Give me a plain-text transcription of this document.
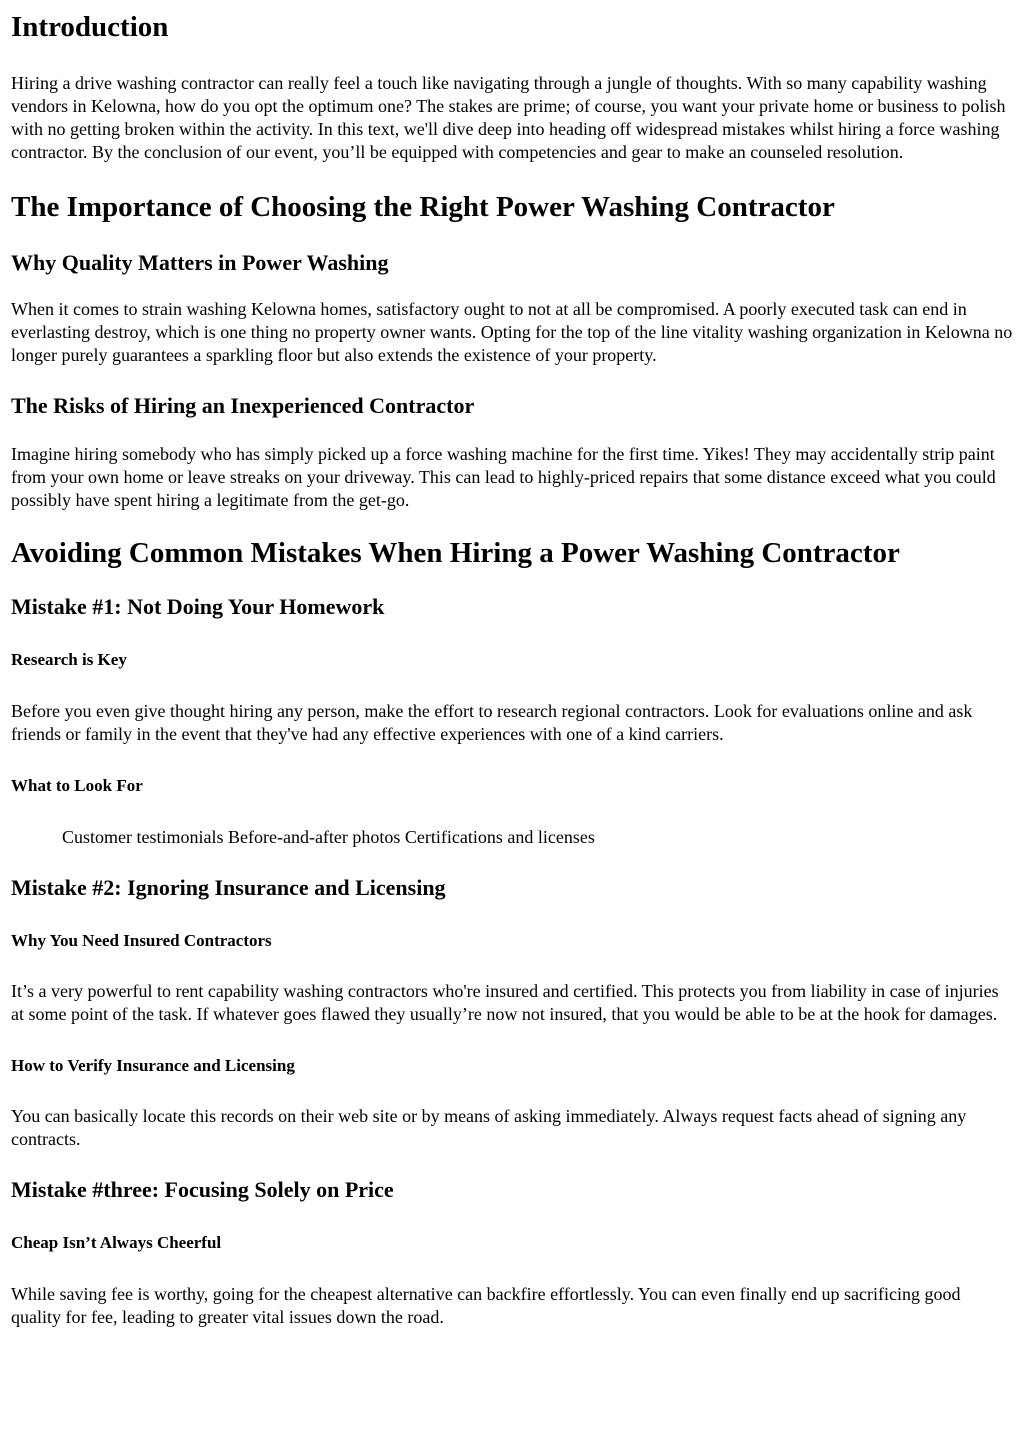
Introduction

Hiring a drive washing contractor can really feel a touch like navigating through a jungle of thoughts. With so many capability washing vendors in Kelowna, how do you opt the optimum one? The stakes are prime; of course, you want your private home or business to polish with no getting broken within the activity. In this text, we'll dive deep into heading off widespread mistakes whilst hiring a force washing contractor. By the conclusion of our event, you’ll be equipped with competencies and gear to make an counseled resolution.

The Importance of Choosing the Right Power Washing Contractor
Why Quality Matters in Power Washing

When it comes to strain washing Kelowna homes, satisfactory ought to not at all be compromised. A poorly executed task can end in everlasting destroy, which is one thing no property owner wants. Opting for the top of the line vitality washing organization in Kelowna no longer purely guarantees a sparkling floor but also extends the existence of your property.

The Risks of Hiring an Inexperienced Contractor

Imagine hiring somebody who has simply picked up a force washing machine for the first time. Yikes! They may accidentally strip paint from your own home or leave streaks on your driveway. This can lead to highly-priced repairs that some distance exceed what you could possibly have spent hiring a legitimate from the get-go.

Avoiding Common Mistakes When Hiring a Power Washing Contractor
Mistake #1: Not Doing Your Homework
Research is Key

Before you even give thought hiring any person, make the effort to research regional contractors. Look for evaluations online and ask friends or family in the event that they've had any effective experiences with one of a kind carriers.

What to Look For

Customer testimonials Before-and-after photos Certifications and licenses

Mistake #2: Ignoring Insurance and Licensing
Why You Need Insured Contractors

It’s a very powerful to rent capability washing contractors who're insured and certified. This protects you from liability in case of injuries at some point of the task. If whatever goes flawed they usually’re now not insured, that you would be able to be at the hook for damages.

How to Verify Insurance and Licensing

You can basically locate this records on their web site or by means of asking immediately. Always request facts ahead of signing any contracts.

Mistake #three: Focusing Solely on Price
Cheap Isn’t Always Cheerful

While saving fee is worthy, going for the cheapest alternative can backfire effortlessly. You can even finally end up sacrificing good quality for fee, leading to greater vital issues down the road.
